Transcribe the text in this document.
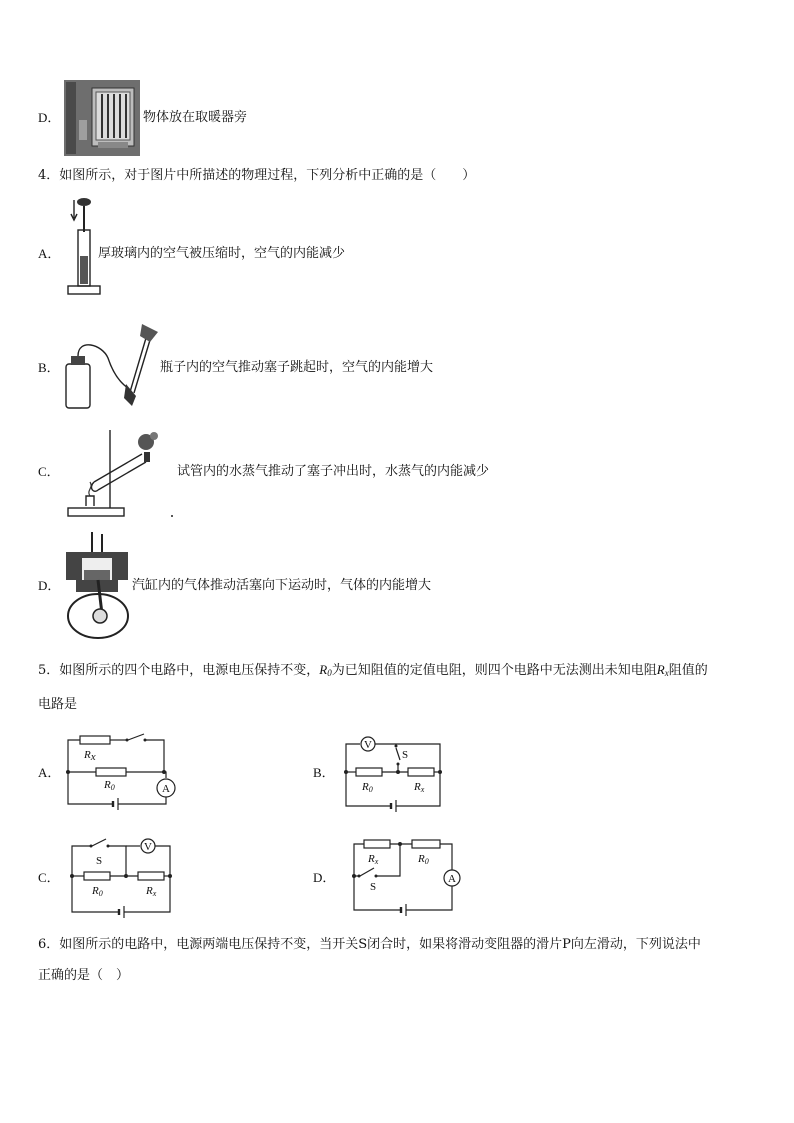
D．	物体放在取暖器旁
4．如图所示，对于图片中所描述的物理过程，下列分析中正确的是（　　）
A．	厚玻璃内的空气被压缩时，空气的内能减少
B．	瓶子内的空气推动塞子跳起时，空气的内能增大
C．	试管内的水蒸气推动了塞子冲出时，水蒸气的内能减少
D．	汽缸内的气体推动活塞向下运动时，气体的内能增大
5．如图所示的四个电路中，电源电压保持不变，$R_0$为已知阻值的定值电阻，则四个电路中无法测出未知电阻$R_x$阻值的
电路是
A．
Rx
R0	A
B．
V
S
R0	Rx
C．
S
V
R0	Rx
D．
Rx	R0
S
A
6．如图所示的电路中，电源两端电压保持不变，当开关S闭合时，如果将滑动变阻器的滑片P向左滑动，下列说法中
正确的是（　）
